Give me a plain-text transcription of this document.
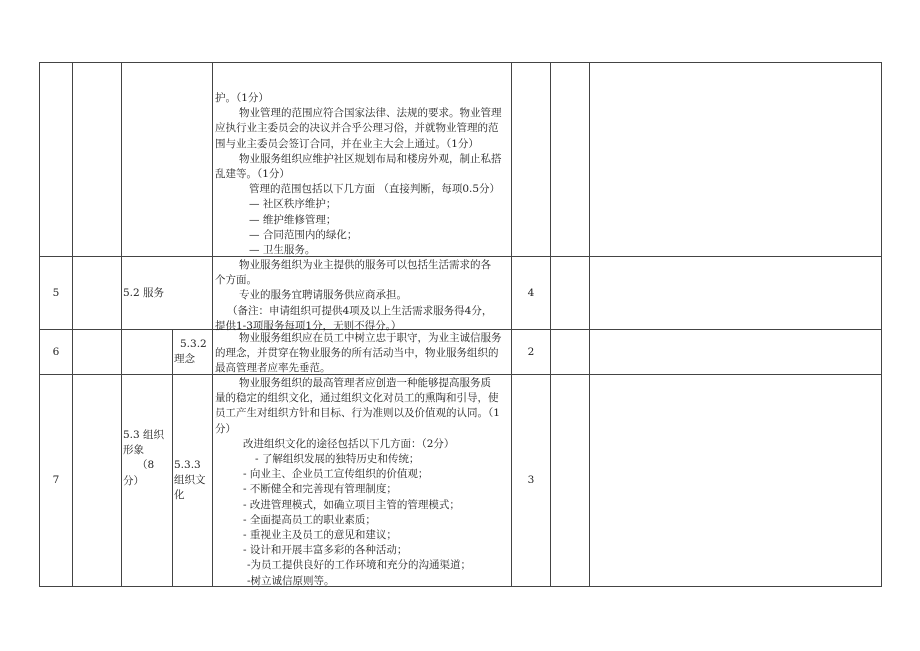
护。（1分）
物业管理的范围应符合国家法律、法规的要求。物业管理
应执行业主委员会的决议并合乎公理习俗，并就物业管理的范
围与业主委员会签订合同，并在业主大会上通过。（1分）
物业服务组织应维护社区规划布局和楼房外观，制止私搭
乱建等。（1分）
管理的范围包括以下几方面 （直接判断，每项0.5分）
— 社区秩序维护；
— 维护维修管理；
— 合同范围内的绿化；
— 卫生服务。
5	5.2 服务
物业服务组织为业主提供的服务可以包括生活需求的各
个方面。
专业的服务宜聘请服务供应商承担。
（备注：申请组织可提供4项及以上生活需求服务得4分，
提供1-3项服务每项1分，无则不得分。）
4
6
5.3.2
理念
物业服务组织应在员工中树立忠于职守，为业主诚信服务
的理念，并贯穿在物业服务的所有活动当中，物业服务组织的
最高管理者应率先垂范。
2
7
5.3 组织
形象
（8
分）
5.3.3
组织文
化
物业服务组织的最高管理者应创造一种能够提高服务质
量的稳定的组织文化，通过组织文化对员工的熏陶和引导，使
员工产生对组织方针和目标、行为准则以及价值观的认同。（1
分）
改进组织文化的途径包括以下几方面：（2分）
- 了解组织发展的独特历史和传统；
- 向业主、企业员工宣传组织的价值观；
- 不断健全和完善现有管理制度；
- 改进管理模式，如确立项目主管的管理模式；
- 全面提高员工的职业素质；
- 重视业主及员工的意见和建议；
- 设计和开展丰富多彩的各种活动；
-为员工提供良好的工作环境和充分的沟通渠道；
-树立诚信原则等。
3
